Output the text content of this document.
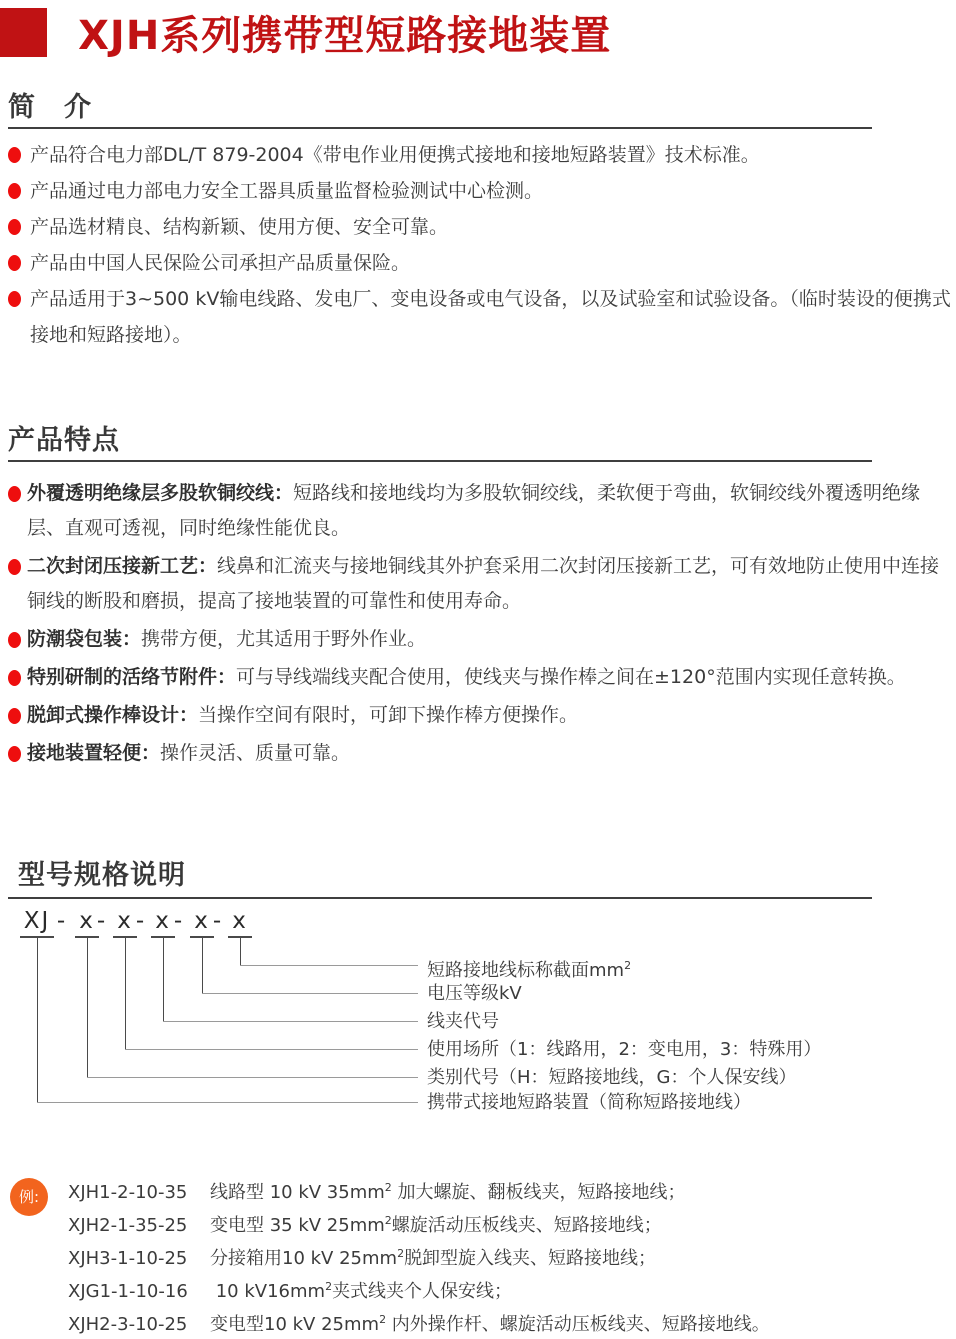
XJH系列携带型短路接地装置
简　介
产品符合电力部DL/T 879-2004《带电作业用便携式接地和接地短路装置》技术标准。
产品通过电力部电力安全工器具质量监督检验测试中心检测。
产品选材精良、结构新颖、使用方便、安全可靠。
产品由中国人民保险公司承担产品质量保险。
产品适用于3~500 kV输电线路、发电厂、变电设备或电气设备，以及试验室和试验设备。（临时装设的便携式接地和短路接地）。
产品特点
外覆透明绝缘层多股软铜绞线：短路线和接地线均为多股软铜绞线，柔软便于弯曲，软铜绞线外覆透明绝缘层、直观可透视，同时绝缘性能优良。
二次封闭压接新工艺：线鼻和汇流夹与接地铜线其外护套采用二次封闭压接新工艺，可有效地防止使用中连接铜线的断股和磨损，提高了接地装置的可靠性和使用寿命。
防潮袋包装：携带方便，尤其适用于野外作业。
特别研制的活络节附件：可与导线端线夹配合使用，使线夹与操作棒之间在±120°范围内实现任意转换。
脱卸式操作棒设计：当操作空间有限时，可卸下操作棒方便操作。
接地装置轻便：操作灵活、质量可靠。
型号规格说明
XJ - x - x - x - x - x
短路接地线标称截面$mm^2$
电压等级kV
线夹代号
使用场所（1：线路用，2：变电用，3：特殊用）
类别代号（H：短路接地线，G：个人保安线）
携带式接地短路装置（简称短路接地线）
例:	XJH1-2-10-35 线路型 10 kV $35mm^2$ 加大螺旋、翻板线夹，短路接地线；
XJH2-1-35-25 变电型 35 kV $25mm^2$螺旋活动压板线夹、短路接地线；
XJH3-1-10-25 分接箱用10 kV $25mm^2$脱卸型旋入线夹、短路接地线；
XJG1-1-10-16 10 $kV16mm^2$夹式线夹个人保安线；
XJH2-3-10-25 变电型10 kV $25mm^2$ 内外操作杆、螺旋活动压板线夹、短路接地线。
